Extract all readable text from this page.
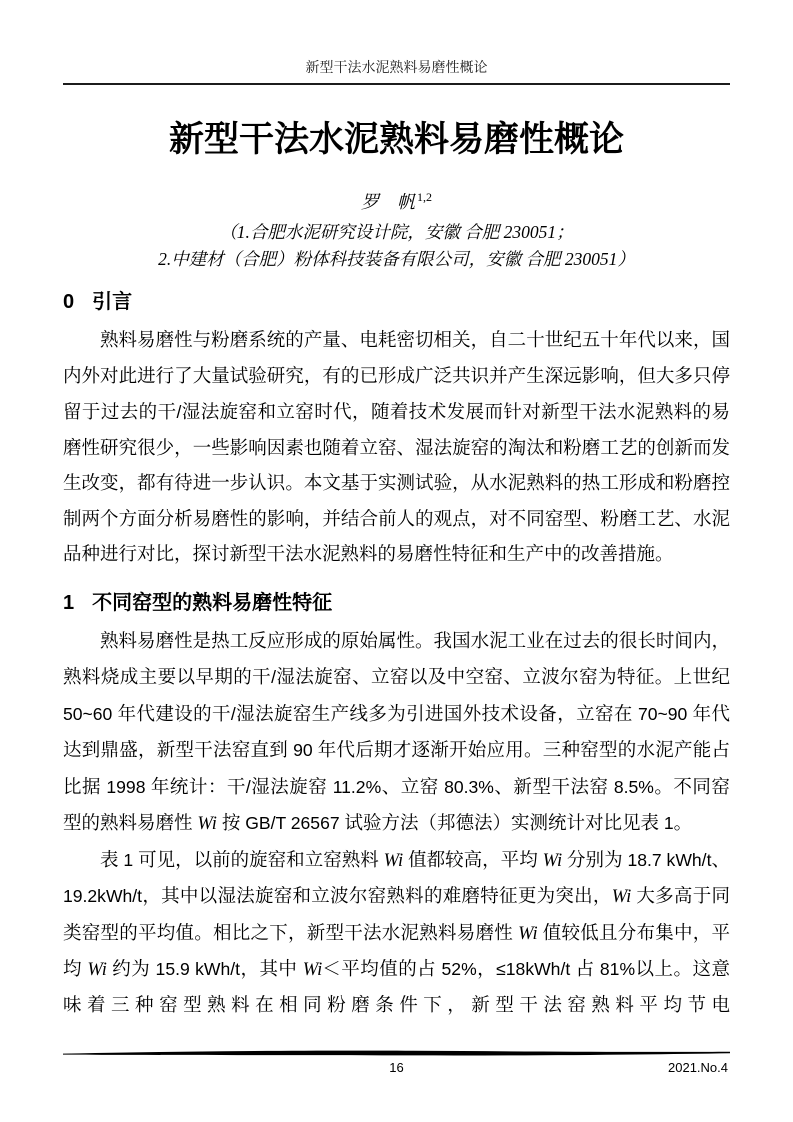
新型干法水泥熟料易磨性概论
新型干法水泥熟料易磨性概论
罗　帆 $^{1,2}$
（1.合肥水泥研究设计院，安徽 合肥 230051；
2.中建材（合肥）粉体科技装备有限公司，安徽 合肥 230051）
0 引言

熟料易磨性与粉磨系统的产量、电耗密切相关，自二十世纪五十年代以来，国内外对此进行了大量试验研究，有的已形成广泛共识并产生深远影响，但大多只停留于过去的干/湿法旋窑和立窑时代，随着技术发展而针对新型干法水泥熟料的易磨性研究很少，一些影响因素也随着立窑、湿法旋窑的淘汰和粉磨工艺的创新而发生改变，都有待进一步认识。本文基于实测试验，从水泥熟料的热工形成和粉磨控制两个方面分析易磨性的影响，并结合前人的观点，对不同窑型、粉磨工艺、水泥品种进行对比，探讨新型干法水泥熟料的易磨性特征和生产中的改善措施。

1 不同窑型的熟料易磨性特征

熟料易磨性是热工反应形成的原始属性。我国水泥工业在过去的很长时间内，熟料烧成主要以早期的干/湿法旋窑、立窑以及中空窑、立波尔窑为特征。上世纪 50~60 年代建设的干/湿法旋窑生产线多为引进国外技术设备，立窑在 70~90 年代达到鼎盛，新型干法窑直到 90 年代后期才逐渐开始应用。三种窑型的水泥产能占比据 1998 年统计：干/湿法旋窑 11.2%、立窑 80.3%、新型干法窑 8.5%。不同窑型的熟料易磨性 Wi 按 GB/T 26567 试验方法（邦德法）实测统计对比见表 1。

表 1 可见，以前的旋窑和立窑熟料 Wi 值都较高，平均 Wi 分别为 18.7 kWh/t、19.2kWh/t，其中以湿法旋窑和立波尔窑熟料的难磨特征更为突出，Wi 大多高于同类窑型的平均值。相比之下，新型干法水泥熟料易磨性 Wi 值较低且分布集中，平均 Wi 约为 15.9 kWh/t，其中 Wi＜平均值的占 52%，≤18kWh/t 占 81%以上。这意味着三种窑型熟料在相同粉磨条件下，新型干法窑熟料平均节电

16	2021.No.4
